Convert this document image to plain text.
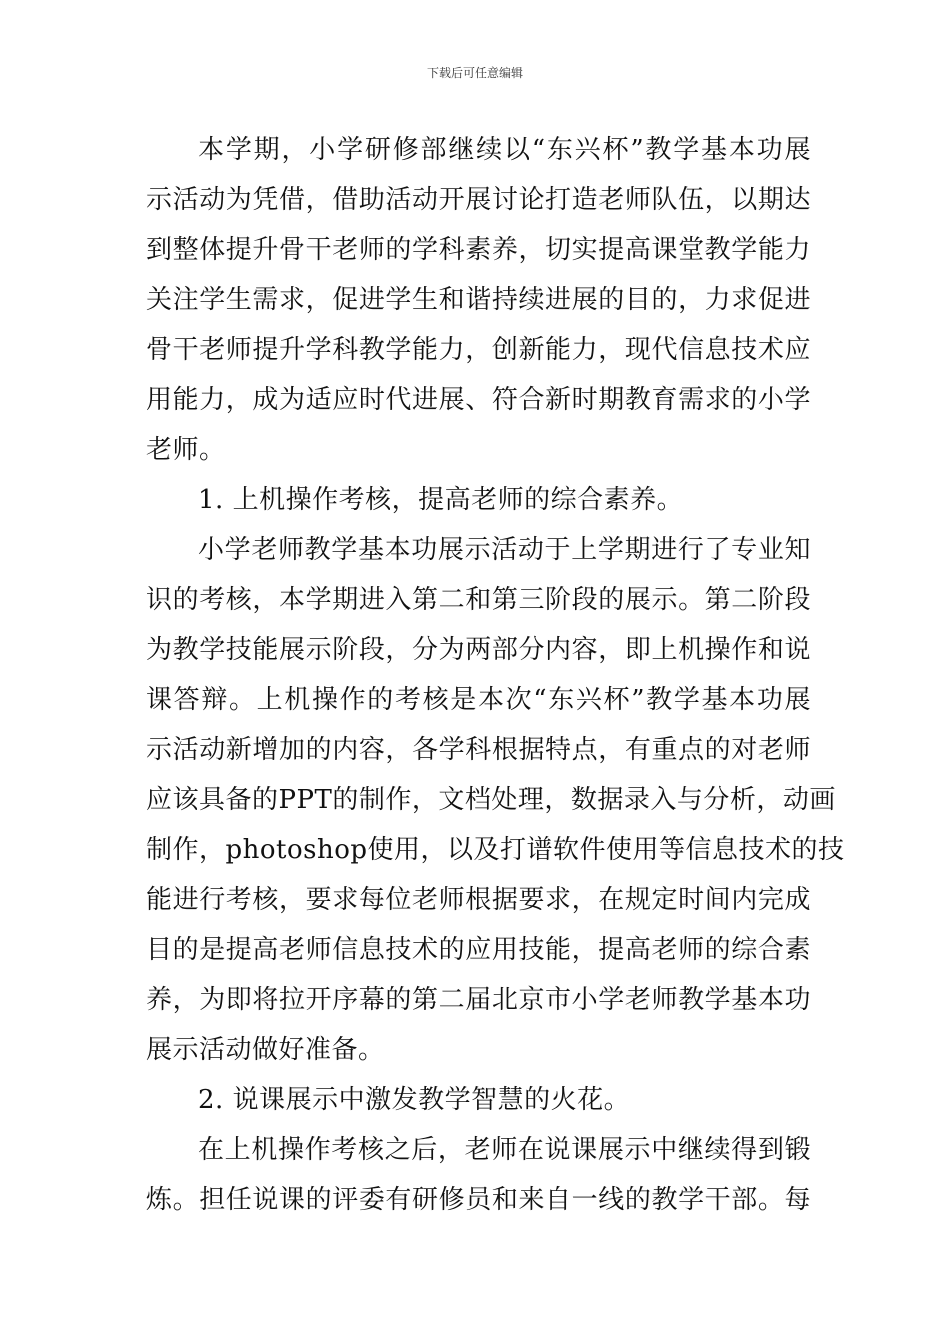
下载后可任意编辑
本学期，小学研修部继续以“东兴杯”教学基本功展
示活动为凭借，借助活动开展讨论打造老师队伍，以期达
到整体提升骨干老师的学科素养，切实提高课堂教学能力
关注学生需求，促进学生和谐持续进展的目的，力求促进
骨干老师提升学科教学能力，创新能力，现代信息技术应
用能力，成为适应时代进展、符合新时期教育需求的小学
老师。
1. 上机操作考核，提高老师的综合素养。
小学老师教学基本功展示活动于上学期进行了专业知
识的考核，本学期进入第二和第三阶段的展示。第二阶段
为教学技能展示阶段，分为两部分内容，即上机操作和说
课答辩。上机操作的考核是本次“东兴杯”教学基本功展
示活动新增加的内容，各学科根据特点，有重点的对老师
应该具备的PPT的制作，文档处理，数据录入与分析，动画
制作，photoshop使用，以及打谱软件使用等信息技术的技
能进行考核，要求每位老师根据要求，在规定时间内完成
目的是提高老师信息技术的应用技能，提高老师的综合素
养，为即将拉开序幕的第二届北京市小学老师教学基本功
展示活动做好准备。
2. 说课展示中激发教学智慧的火花。
在上机操作考核之后，老师在说课展示中继续得到锻
炼。担任说课的评委有研修员和来自一线的教学干部。每
